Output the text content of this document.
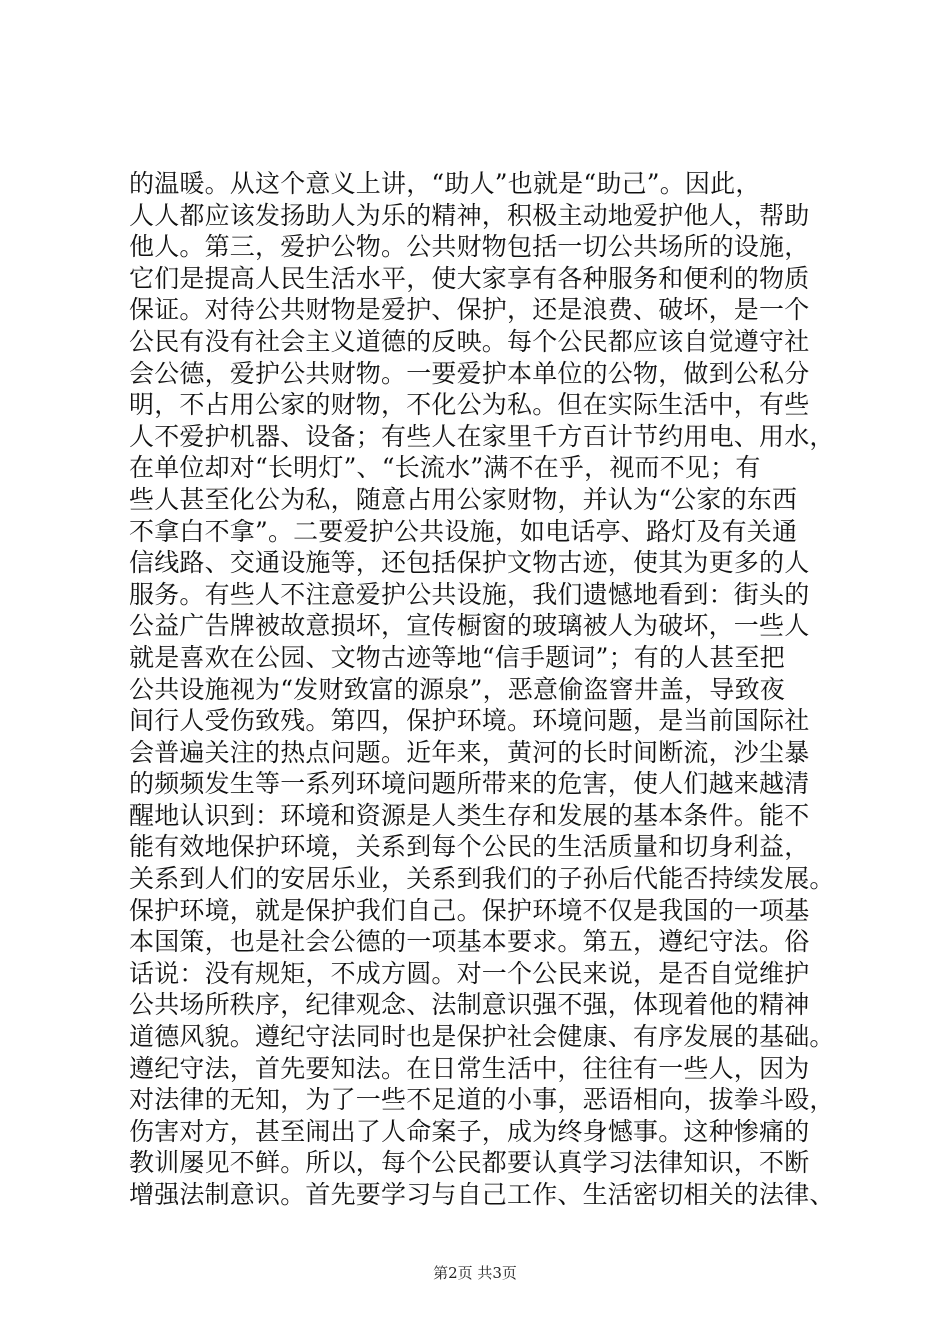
的温暖。从这个意义上讲，“助人”也就是“助己”。因此，
人人都应该发扬助人为乐的精神，积极主动地爱护他人，帮助
他人。第三，爱护公物。公共财物包括一切公共场所的设施，
它们是提高人民生活水平，使大家享有各种服务和便利的物质
保证。对待公共财物是爱护、保护，还是浪费、破坏，是一个
公民有没有社会主义道德的反映。每个公民都应该自觉遵守社
会公德，爱护公共财物。一要爱护本单位的公物，做到公私分
明，不占用公家的财物，不化公为私。但在实际生活中，有些
人不爱护机器、设备；有些人在家里千方百计节约用电、用水，
在单位却对“长明灯”、“长流水”满不在乎，视而不见；有
些人甚至化公为私，随意占用公家财物，并认为“公家的东西
不拿白不拿”。二要爱护公共设施，如电话亭、路灯及有关通
信线路、交通设施等，还包括保护文物古迹，使其为更多的人
服务。有些人不注意爱护公共设施，我们遗憾地看到：街头的
公益广告牌被故意损坏，宣传橱窗的玻璃被人为破坏，一些人
就是喜欢在公园、文物古迹等地“信手题词”；有的人甚至把
公共设施视为“发财致富的源泉”，恶意偷盗窨井盖，导致夜
间行人受伤致残。第四，保护环境。环境问题，是当前国际社
会普遍关注的热点问题。近年来，黄河的长时间断流，沙尘暴
的频频发生等一系列环境问题所带来的危害，使人们越来越清
醒地认识到：环境和资源是人类生存和发展的基本条件。能不
能有效地保护环境，关系到每个公民的生活质量和切身利益，
关系到人们的安居乐业，关系到我们的子孙后代能否持续发展。
保护环境，就是保护我们自己。保护环境不仅是我国的一项基
本国策，也是社会公德的一项基本要求。第五，遵纪守法。俗
话说：没有规矩，不成方圆。对一个公民来说，是否自觉维护
公共场所秩序，纪律观念、法制意识强不强，体现着他的精神
道德风貌。遵纪守法同时也是保护社会健康、有序发展的基础。
遵纪守法，首先要知法。在日常生活中，往往有一些人，因为
对法律的无知，为了一些不足道的小事，恶语相向，拔拳斗殴，
伤害对方，甚至闹出了人命案子，成为终身憾事。这种惨痛的
教训屡见不鲜。所以，每个公民都要认真学习法律知识，不断
增强法制意识。首先要学习与自己工作、生活密切相关的法律、
第2页 共3页
